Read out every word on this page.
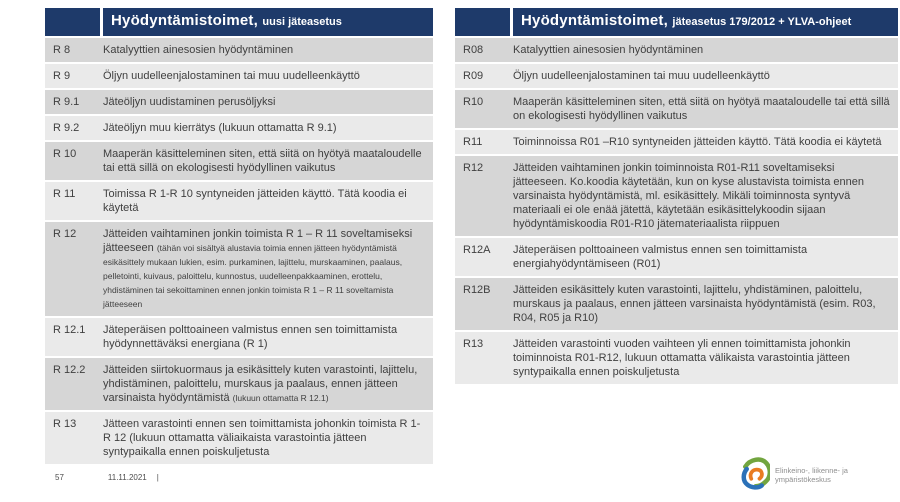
Hyödyntämistoimet, uusi jäteasetus
R 8	Katalyyttien ainesosien hyödyntäminen
R 9	Öljyn uudelleenjalostaminen tai muu uudelleenkäyttö
R 9.1	Jäteöljyn uudistaminen perusöljyksi
R 9.2	Jäteöljyn muu kierrätys (lukuun ottamatta R 9.1)
R 10	Maaperän käsitteleminen siten, että siitä on hyötyä maataloudelle tai että sillä on ekologisesti hyödyllinen vaikutus
R 11	Toimissa R 1-R 10 syntyneiden jätteiden käyttö. Tätä koodia ei käytetä
R 12	Jätteiden vaihtaminen jonkin toimista R 1 – R 11 soveltamiseksi jätteeseen (tähän voi sisältyä alustavia toimia ennen jätteen hyödyntämistä esikäsittely mukaan lukien, esim. purkaminen, lajittelu, murskaaminen, paalaus, pelletointi, kuivaus, paloittelu, kunnostus, uudelleenpakkaaminen, erottelu, yhdistäminen tai sekoittaminen ennen jonkin toimista R 1 – R 11 soveltamista jätteeseen
R 12.1	Jäteperäisen polttoaineen valmistus ennen sen toimittamista hyödynnettäväksi energiana (R 1)
R 12.2	Jätteiden siirtokuormaus ja esikäsittely kuten varastointi, lajittelu, yhdistäminen, paloittelu, murskaus ja paalaus, ennen jätteen varsinaista hyödyntämistä (lukuun ottamatta R 12.1)
R 13	Jätteen varastointi ennen sen toimittamista johonkin toimista R 1- R 12 (lukuun ottamatta väliaikaista varastointia jätteen syntypaikalla ennen poiskuljetusta
Hyödyntämistoimet, jäteasetus 179/2012 + YLVA-ohjeet
R08	Katalyyttien ainesosien hyödyntäminen
R09	Öljyn uudelleenjalostaminen tai muu uudelleenkäyttö
R10	Maaperän käsitteleminen siten, että siitä on hyötyä maataloudelle tai että sillä on ekologisesti hyödyllinen vaikutus
R11	Toiminnoissa R01 –R10 syntyneiden jätteiden käyttö. Tätä koodia ei käytetä
R12	Jätteiden vaihtaminen jonkin toiminnoista R01-R11 soveltamiseksi jätteeseen. Ko.koodia käytetään, kun on kyse alustavista toimista ennen varsinaista hyödyntämistä, ml. esikäsittely. Mikäli toiminnosta syntyvä materiaali ei ole enää jätettä, käytetään esikäsittelykoodin sijaan hyödyntämiskoodia R01-R10 jätemateriaalista riippuen
R12A	Jäteperäisen polttoaineen valmistus ennen sen toimittamista energiahyödyntämiseen (R01)
R12B	Jätteiden esikäsittely kuten varastointi, lajittelu, yhdistäminen, paloittelu, murskaus ja paalaus, ennen jätteen varsinaista hyödyntämistä (esim. R03, R04, R05 ja R10)
R13	Jätteiden varastointi vuoden vaihteen yli ennen toimittamista johonkin toiminnoista R01-R12, lukuun ottamatta välikaista varastointia jätteen syntypaikalla ennen poiskuljetusta
57	11.11.2021 |
Elinkeino-, liikenne- ja
ympäristökeskus
